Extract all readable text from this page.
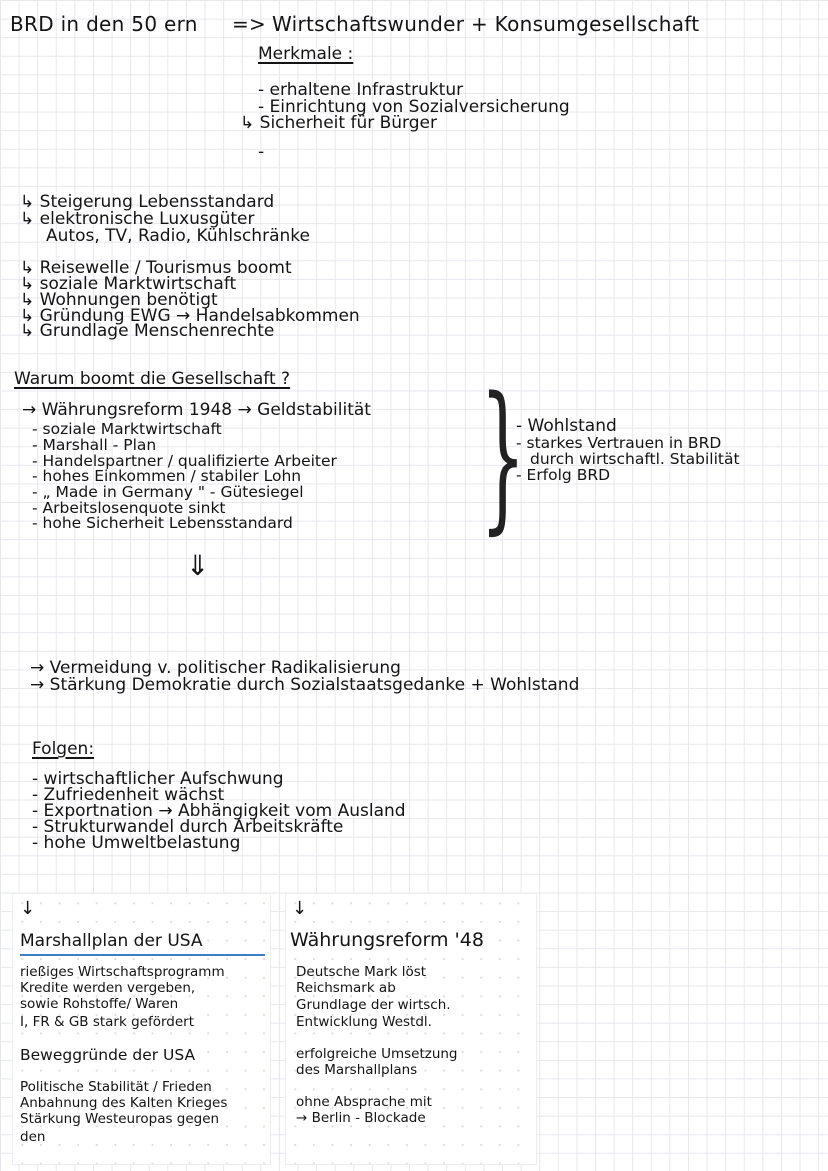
BRD in den 50 ern => Wirtschaftswunder + Konsumgesellschaft
Merkmale :
- erhaltene Infrastruktur
- Einrichtung von Sozialversicherung
↳ Sicherheit für Bürger
-
↳ Steigerung Lebensstandard
↳ elektronische Luxusgüter
Autos, TV, Radio, Kühlschränke
↳ Reisewelle / Tourismus boomt
↳ soziale Marktwirtschaft
↳ Wohnungen benötigt
↳ Gründung EWG → Handelsabkommen
↳ Grundlage Menschenrechte
Warum boomt die Gesellschaft ?
→ Währungsreform 1948 → Geldstabilität
- soziale Marktwirtschaft
- Marshall - Plan
- Handelspartner / qualifizierte Arbeiter
- hohes Einkommen / stabiler Lohn
- „ Made in Germany " - Gütesiegel
- Arbeitslosenquote sinkt
- hohe Sicherheit Lebensstandard }
- Wohlstand
- starkes Vertrauen in BRD
durch wirtschaftl. Stabilität
- Erfolg BRD
⇓
→ Vermeidung v. politischer Radikalisierung
→ Stärkung Demokratie durch Sozialstaatsgedanke + Wohlstand
Folgen:
- wirtschaftlicher Aufschwung
- Zufriedenheit wächst
- Exportnation → Abhängigkeit vom Ausland
- Strukturwandel durch Arbeitskräfte
- hohe Umweltbelastung
↓
Marshallplan der USA
rießiges Wirtschaftsprogramm
Kredite werden vergeben,
sowie Rohstoffe/ Waren
I, FR & GB stark gefördert
Beweggründe der USA
Politische Stabilität / Frieden
Anbahnung des Kalten Krieges
Stärkung Westeuropas gegen
den
↓
Währungsreform '48
Deutsche Mark löst
Reichsmark ab
Grundlage der wirtsch.
Entwicklung Westdl.
erfolgreiche Umsetzung
des Marshallplans
ohne Absprache mit
→ Berlin - Blockade
